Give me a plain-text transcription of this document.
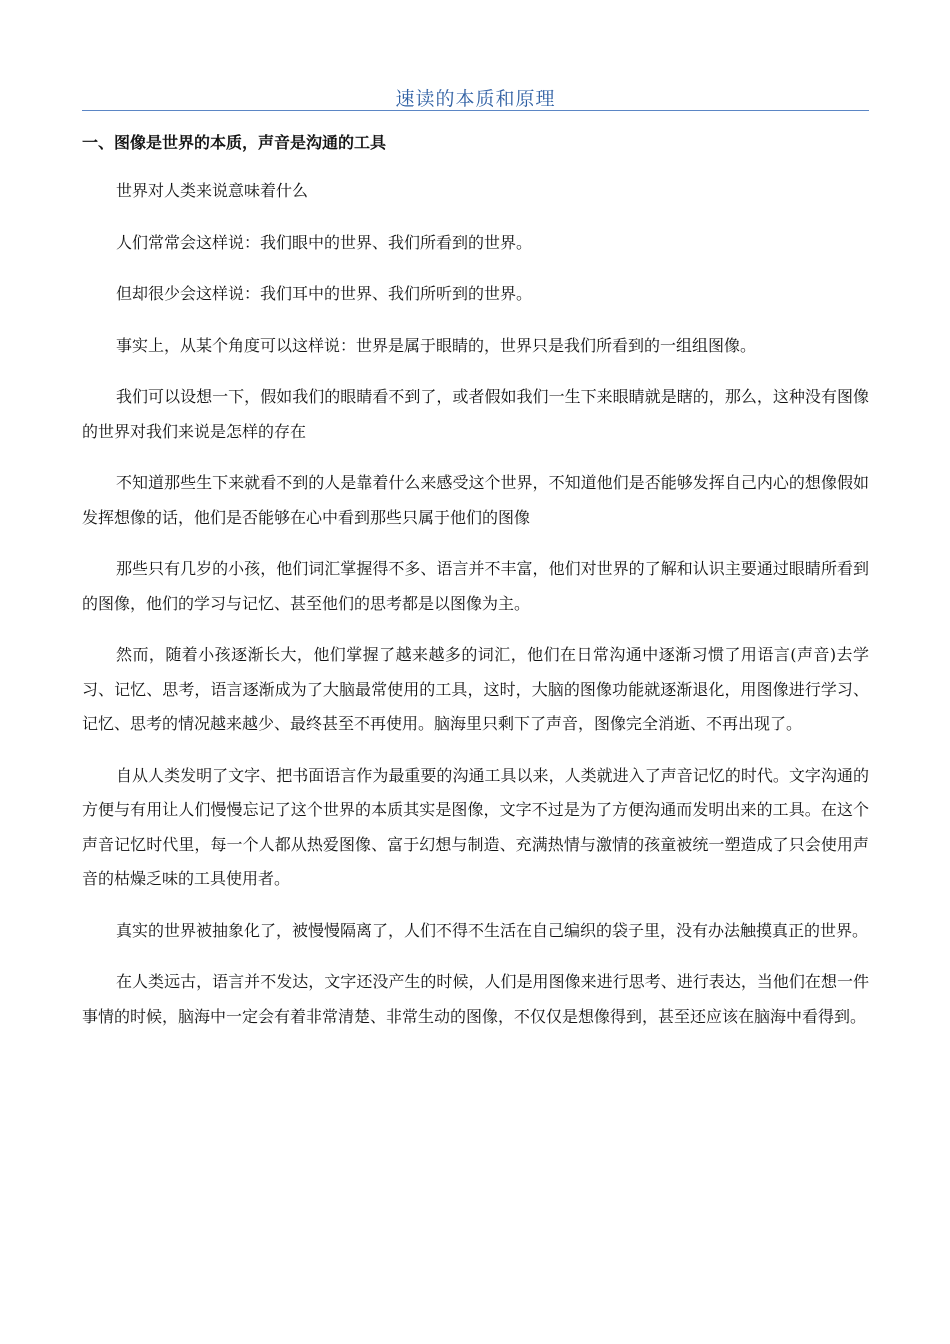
速读的本质和原理
一、图像是世界的本质，声音是沟通的工具

世界对人类来说意味着什么

人们常常会这样说：我们眼中的世界、我们所看到的世界。

但却很少会这样说：我们耳中的世界、我们所听到的世界。

事实上，从某个角度可以这样说：世界是属于眼睛的，世界只是我们所看到的一组组图像。

我们可以设想一下，假如我们的眼睛看不到了，或者假如我们一生下来眼睛就是瞎的，那么，这种没有图像的世界对我们来说是怎样的存在

不知道那些生下来就看不到的人是靠着什么来感受这个世界，不知道他们是否能够发挥自己内心的想像假如发挥想像的话，他们是否能够在心中看到那些只属于他们的图像

那些只有几岁的小孩，他们词汇掌握得不多、语言并不丰富，他们对世界的了解和认识主要通过眼睛所看到的图像，他们的学习与记忆、甚至他们的思考都是以图像为主。

然而，随着小孩逐渐长大，他们掌握了越来越多的词汇，他们在日常沟通中逐渐习惯了用语言(声音)去学习、记忆、思考，语言逐渐成为了大脑最常使用的工具，这时，大脑的图像功能就逐渐退化，用图像进行学习、记忆、思考的情况越来越少、最终甚至不再使用。脑海里只剩下了声音，图像完全消逝、不再出现了。

自从人类发明了文字、把书面语言作为最重要的沟通工具以来，人类就进入了声音记忆的时代。文字沟通的方便与有用让人们慢慢忘记了这个世界的本质其实是图像，文字不过是为了方便沟通而发明出来的工具。在这个声音记忆时代里，每一个人都从热爱图像、富于幻想与制造、充满热情与激情的孩童被统一塑造成了只会使用声音的枯燥乏味的工具使用者。

真实的世界被抽象化了，被慢慢隔离了，人们不得不生活在自己编织的袋子里，没有办法触摸真正的世界。

在人类远古，语言并不发达，文字还没产生的时候，人们是用图像来进行思考、进行表达，当他们在想一件事情的时候，脑海中一定会有着非常清楚、非常生动的图像，不仅仅是想像得到，甚至还应该在脑海中看得到。
